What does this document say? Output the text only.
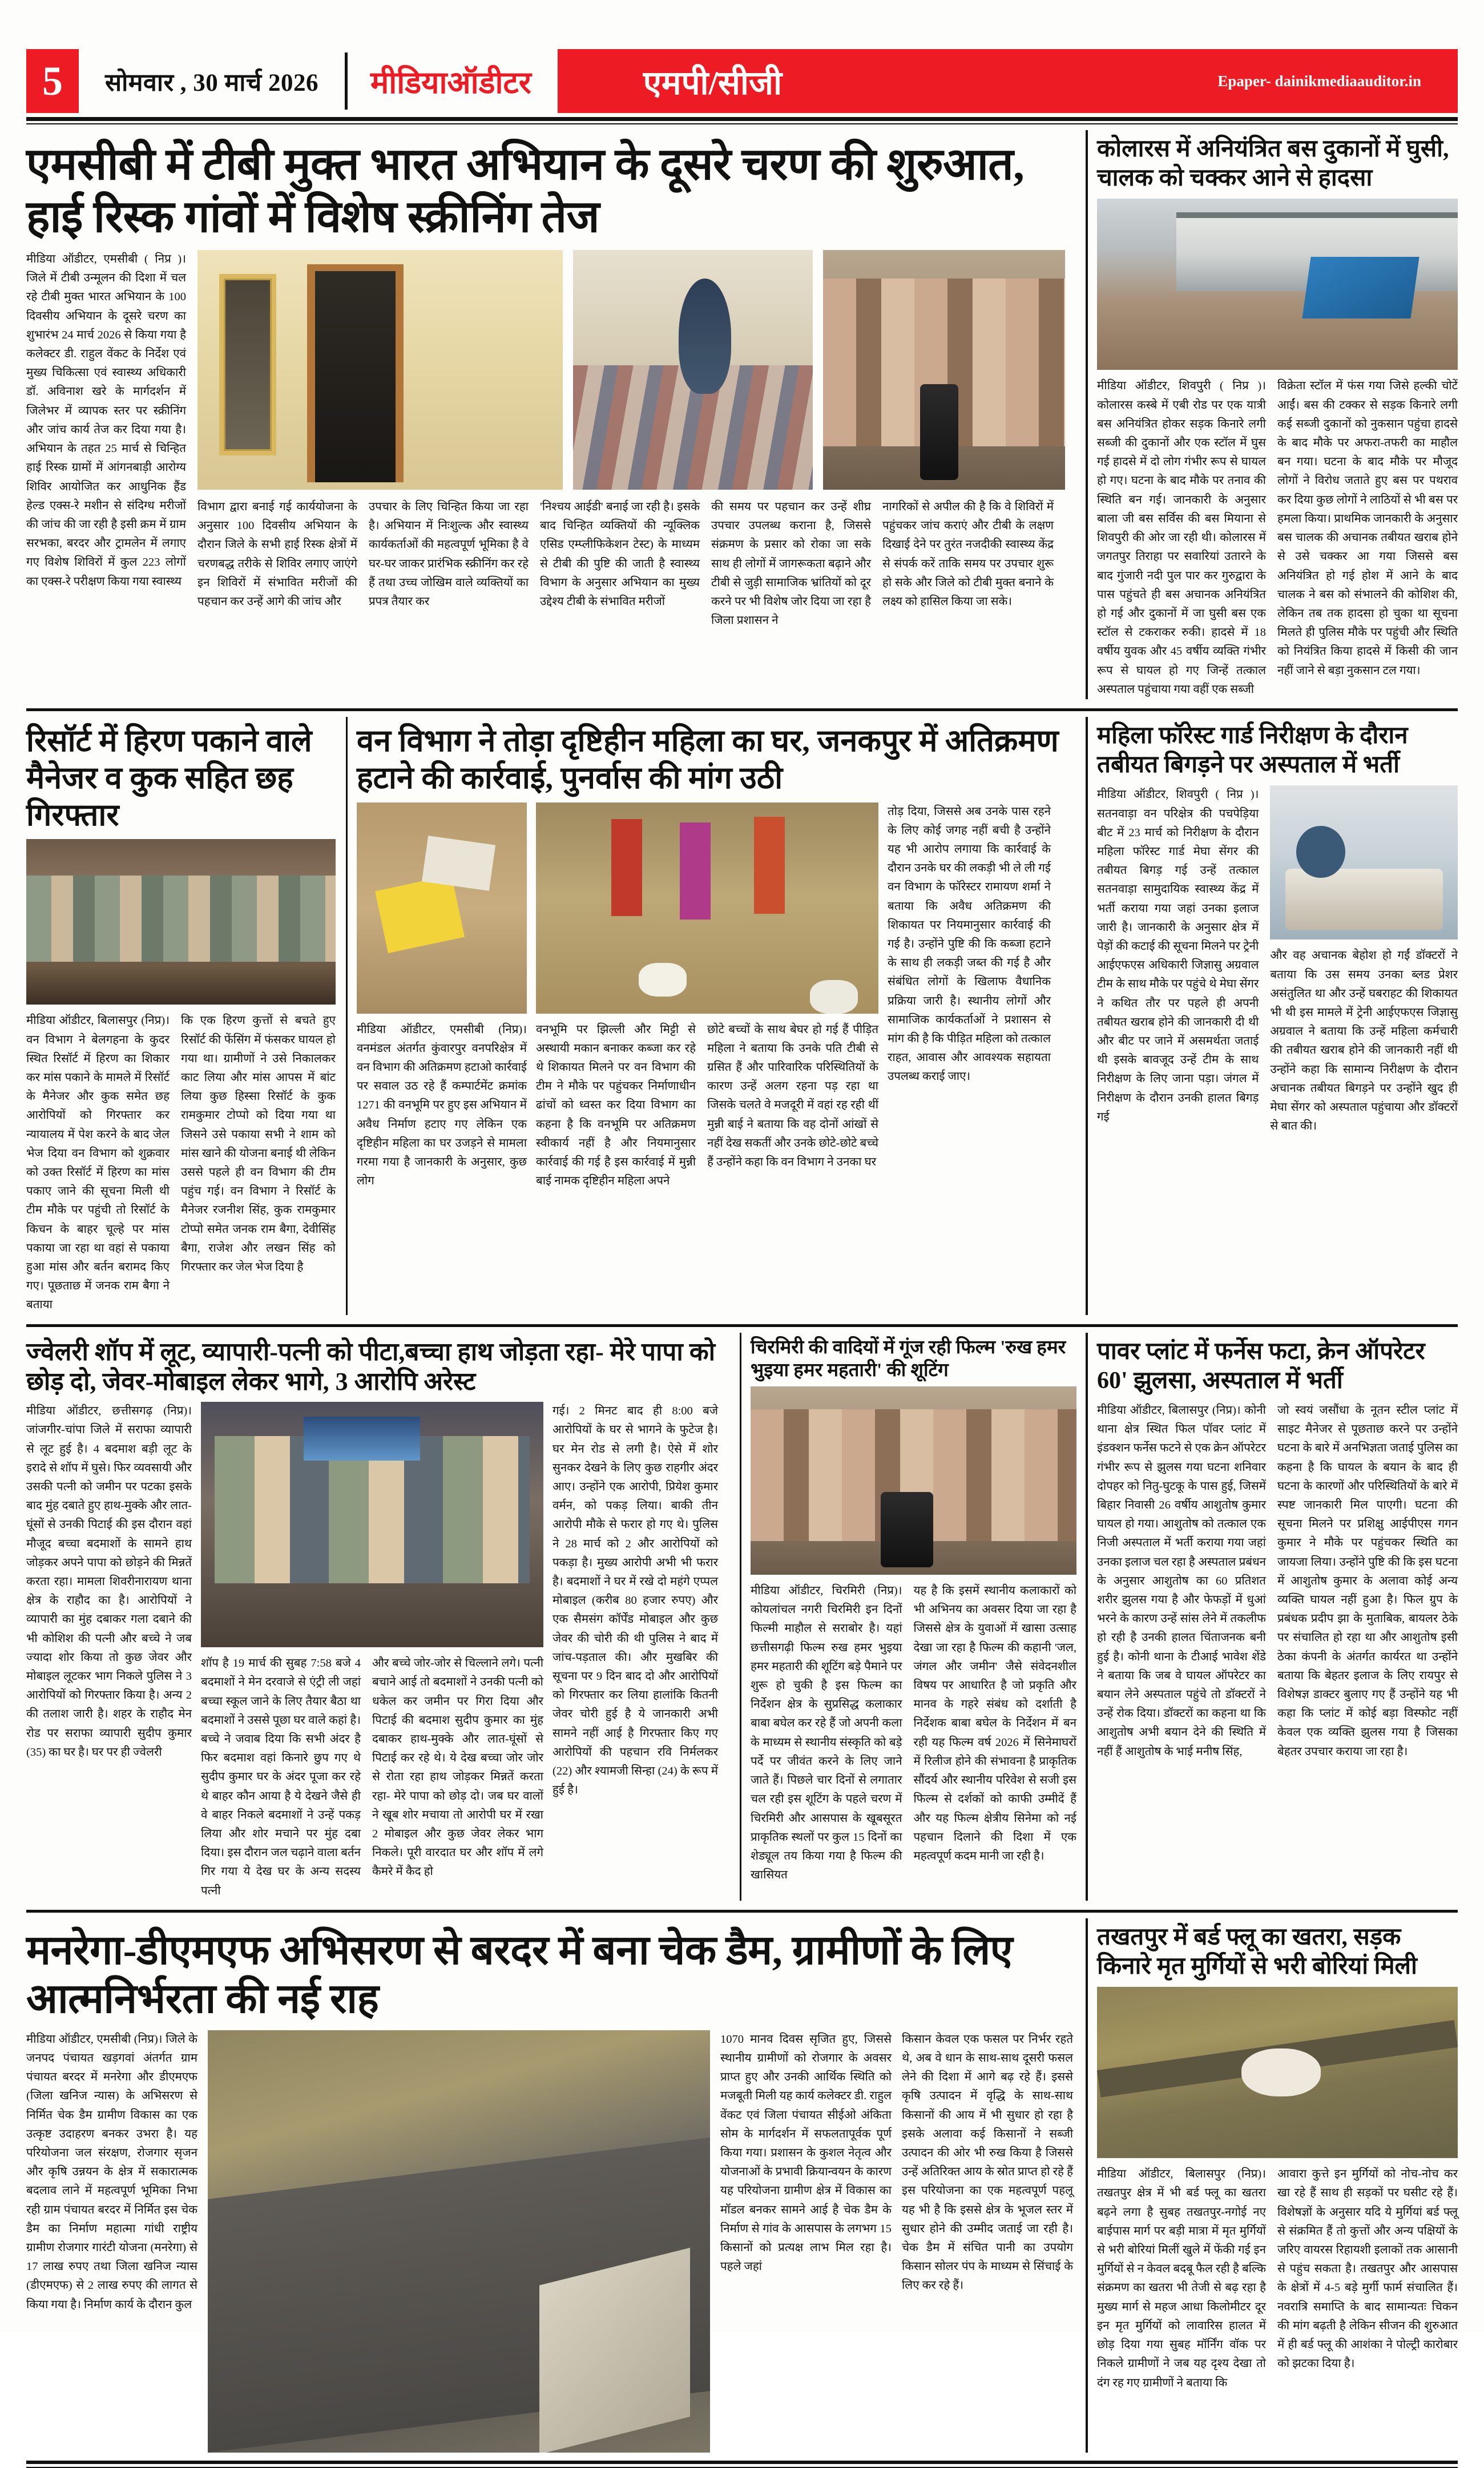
5	सोमवार , 30 मार्च 2026	मीडियाऑडीटर	एमपी/सीजी	Epaper- dainikmediaauditor.in
एमसीबी में टीबी मुक्त भारत अभियान के दूसरे चरण की शुरुआत, हाई रिस्क गांवों में विशेष स्क्रीनिंग तेज

मीडिया ऑडीटर, एमसीबी ( निप्र )। जिले में टीबी उन्मूलन की दिशा में चल रहे टीबी मुक्त भारत अभियान के 100 दिवसीय अभियान के दूसरे चरण का शुभारंभ 24 मार्च 2026 से किया गया है कलेक्टर डी. राहुल वेंकट के निर्देश एवं मुख्य चिकित्सा एवं स्वास्थ्य अधिकारी डॉ. अविनाश खरे के मार्गदर्शन में जिलेभर में व्यापक स्तर पर स्क्रीनिंग और जांच कार्य तेज कर दिया गया है। अभियान के तहत 25 मार्च से चिन्हित हाई रिस्क ग्रामों में आंगनबाड़ी आरोग्य शिविर आयोजित कर आधुनिक हैंड हेल्ड एक्स-रे मशीन से संदिग्ध मरीजों की जांच की जा रही है इसी क्रम में ग्राम सरभका, बरदर और ट्रामलेन में लगाए गए विशेष शिविरों में कुल 223 लोगों का एक्स-रे परीक्षण किया गया स्वास्थ्य

विभाग द्वारा बनाई गई कार्ययोजना के अनुसार 100 दिवसीय अभियान के दौरान जिले के सभी हाई रिस्क क्षेत्रों में चरणबद्ध तरीके से शिविर लगाए जाएंगे इन शिविरों में संभावित मरीजों की पहचान कर उन्हें आगे की जांच और

उपचार के लिए चिन्हित किया जा रहा है। अभियान में निःशुल्क और स्वास्थ्य कार्यकर्ताओं की महत्वपूर्ण भूमिका है वे घर-घर जाकर प्रारंभिक स्क्रीनिंग कर रहे हैं तथा उच्च जोखिम वाले व्यक्तियों का प्रपत्र तैयार कर

'निश्चय आईडी' बनाई जा रही है। इसके बाद चिन्हित व्यक्तियों की न्यूक्लिक एसिड एम्प्लीफिकेशन टेस्ट) के माध्यम से टीबी की पुष्टि की जाती है स्वास्थ्य विभाग के अनुसार अभियान का मुख्य उद्देश्य टीबी के संभावित मरीजों

की समय पर पहचान कर उन्हें शीघ्र उपचार उपलब्ध कराना है, जिससे संक्रमण के प्रसार को रोका जा सके साथ ही लोगों में जागरूकता बढ़ाने और टीबी से जुड़ी सामाजिक भ्रांतियों को दूर करने पर भी विशेष जोर दिया जा रहा है जिला प्रशासन ने

नागरिकों से अपील की है कि वे शिविरों में पहुंचकर जांच कराएं और टीबी के लक्षण दिखाई देने पर तुरंत नजदीकी स्वास्थ्य केंद्र से संपर्क करें ताकि समय पर उपचार शुरू हो सके और जिले को टीबी मुक्त बनाने के लक्ष्य को हासिल किया जा सके।

कोलारस में अनियंत्रित बस दुकानों में घुसी, चालक को चक्कर आने से हादसा

मीडिया ऑडीटर, शिवपुरी ( निप्र )। कोलारस कस्बे में एबी रोड पर एक यात्री बस अनियंत्रित होकर सड़क किनारे लगी सब्जी की दुकानों और एक स्टॉल में घुस गई हादसे में दो लोग गंभीर रूप से घायल हो गए। घटना के बाद मौके पर तनाव की स्थिति बन गई। जानकारी के अनुसार बाला जी बस सर्विस की बस मियाना से शिवपुरी की ओर जा रही थी। कोलारस में जगतपुर तिराहा पर सवारियां उतारने के बाद गुंजारी नदी पुल पार कर गुरुद्वारा के पास पहुंचते ही बस अचानक अनियंत्रित हो गई और दुकानों में जा घुसी बस एक स्टॉल से टकराकर रुकी। हादसे में 18 वर्षीय युवक और 45 वर्षीय व्यक्ति गंभीर रूप से घायल हो गए जिन्हें तत्काल अस्पताल पहुंचाया गया वहीं एक सब्जी

विक्रेता स्टॉल में फंस गया जिसे हल्की चोटें आईं। बस की टक्कर से सड़क किनारे लगी कई सब्जी दुकानों को नुकसान पहुंचा हादसे के बाद मौके पर अफरा-तफरी का माहौल बन गया। घटना के बाद मौके पर मौजूद लोगों ने विरोध जताते हुए बस पर पथराव कर दिया कुछ लोगों ने लाठियों से भी बस पर हमला किया। प्राथमिक जानकारी के अनुसार बस चालक की अचानक तबीयत खराब होने से उसे चक्कर आ गया जिससे बस अनियंत्रित हो गई होश में आने के बाद चालक ने बस को संभालने की कोशिश की, लेकिन तब तक हादसा हो चुका था सूचना मिलते ही पुलिस मौके पर पहुंची और स्थिति को नियंत्रित किया हादसे में किसी की जान नहीं जाने से बड़ा नुकसान टल गया।

रिसॉर्ट में हिरण पकाने वाले मैनेजर व कुक सहित छह गिरफ्तार

मीडिया ऑडीटर, बिलासपुर (निप्र)। वन विभाग ने बेलगहना के कुदर स्थित रिसॉर्ट में हिरण का शिकार कर मांस पकाने के मामले में रिसॉर्ट के मैनेजर और कुक समेत छह आरोपियों को गिरफ्तार कर न्यायालय में पेश करने के बाद जेल भेज दिया वन विभाग को शुक्रवार को उक्त रिसॉर्ट में हिरण का मांस पकाए जाने की सूचना मिली थी टीम मौके पर पहुंची तो रिसॉर्ट के किचन के बाहर चूल्हे पर मांस पकाया जा रहा था वहां से पकाया हुआ मांस और बर्तन बरामद किए गए। पूछताछ में जनक राम बैगा ने बताया

कि एक हिरण कुत्तों से बचते हुए रिसॉर्ट की फेंसिंग में फंसकर घायल हो गया था। ग्रामीणों ने उसे निकालकर काट लिया और मांस आपस में बांट लिया कुछ हिस्सा रिसॉर्ट के कुक रामकुमार टोप्पो को दिया गया था जिसने उसे पकाया सभी ने शाम को मांस खाने की योजना बनाई थी लेकिन उससे पहले ही वन विभाग की टीम पहुंच गई। वन विभाग ने रिसॉर्ट के मैनेजर रजनीश सिंह, कुक रामकुमार टोप्पो समेत जनक राम बैगा, देवीसिंह बैगा, राजेश और लखन सिंह को गिरफ्तार कर जेल भेज दिया है

वन विभाग ने तोड़ा दृष्टिहीन महिला का घर, जनकपुर में अतिक्रमण हटाने की कार्रवाई, पुनर्वास की मांग उठी

मीडिया ऑडीटर, एमसीबी (निप्र)। वनमंडल अंतर्गत कुंवारपुर वनपरिक्षेत्र में वन विभाग की अतिक्रमण हटाओ कार्रवाई पर सवाल उठ रहे हैं कम्पार्टमेंट क्रमांक 1271 की वनभूमि पर हुए इस अभियान में अवैध निर्माण हटाए गए लेकिन एक दृष्टिहीन महिला का घर उजड़ने से मामला गरमा गया है जानकारी के अनुसार, कुछ लोग

वनभूमि पर झिल्ली और मिट्टी से अस्थायी मकान बनाकर कब्जा कर रहे थे शिकायत मिलने पर वन विभाग की टीम ने मौके पर पहुंचकर निर्माणाधीन ढांचों को ध्वस्त कर दिया विभाग का कहना है कि वनभूमि पर अतिक्रमण स्वीकार्य नहीं है और नियमानुसार कार्रवाई की गई है इस कार्रवाई में मुन्नी बाई नामक दृष्टिहीन महिला अपने

छोटे बच्चों के साथ बेघर हो गई हैं पीड़ित महिला ने बताया कि उनके पति टीबी से ग्रसित हैं और पारिवारिक परिस्थितियों के कारण उन्हें अलग रहना पड़ रहा था जिसके चलते वे मजदूरी में वहां रह रही थीं मुन्नी बाई ने बताया कि वह दोनों आंखों से नहीं देख सकतीं और उनके छोटे-छोटे बच्चे हैं उन्होंने कहा कि वन विभाग ने उनका घर

तोड़ दिया, जिससे अब उनके पास रहने के लिए कोई जगह नहीं बची है उन्होंने यह भी आरोप लगाया कि कार्रवाई के दौरान उनके घर की लकड़ी भी ले ली गई वन विभाग के फॉरेस्टर रामायण शर्मा ने बताया कि अवैध अतिक्रमण की शिकायत पर नियमानुसार कार्रवाई की गई है। उन्होंने पुष्टि की कि कब्जा हटाने के साथ ही लकड़ी जब्त की गई है और संबंधित लोगों के खिलाफ वैधानिक प्रक्रिया जारी है। स्थानीय लोगों और सामाजिक कार्यकर्ताओं ने प्रशासन से मांग की है कि पीड़ित महिला को तत्काल राहत, आवास और आवश्यक सहायता उपलब्ध कराई जाए।

महिला फॉरेस्ट गार्ड निरीक्षण के दौरान तबीयत बिगड़ने पर अस्पताल में भर्ती

मीडिया ऑडीटर, शिवपुरी ( निप्र )। सतनवाड़ा वन परिक्षेत्र की पचपेड़िया बीट में 23 मार्च को निरीक्षण के दौरान महिला फॉरेस्ट गार्ड मेघा सेंगर की तबीयत बिगड़ गई उन्हें तत्काल सतनवाड़ा सामुदायिक स्वास्थ्य केंद्र में भर्ती कराया गया जहां उनका इलाज जारी है। जानकारी के अनुसार क्षेत्र में पेड़ों की कटाई की सूचना मिलने पर ट्रेनी आईएफएस अधिकारी जिज्ञासु अग्रवाल टीम के साथ मौके पर पहुंचे थे मेघा सेंगर ने कथित तौर पर पहले ही अपनी तबीयत खराब होने की जानकारी दी थी और बीट पर जाने में असमर्थता जताई थी इसके बावजूद उन्हें टीम के साथ निरीक्षण के लिए जाना पड़ा। जंगल में निरीक्षण के दौरान उनकी हालत बिगड़ गई

और वह अचानक बेहोश हो गईं डॉक्टरों ने बताया कि उस समय उनका ब्लड प्रेशर असंतुलित था और उन्हें घबराहट की शिकायत भी थी इस मामले में ट्रेनी आईएफएस जिज्ञासु अग्रवाल ने बताया कि उन्हें महिला कर्मचारी की तबीयत खराब होने की जानकारी नहीं थी उन्होंने कहा कि सामान्य निरीक्षण के दौरान अचानक तबीयत बिगड़ने पर उन्होंने खुद ही मेघा सेंगर को अस्पताल पहुंचाया और डॉक्टरों से बात की।

ज्वेलरी शॉप में लूट, व्यापारी-पत्नी को पीटा,बच्चा हाथ जोड़ता रहा- मेरे पापा को छोड़ दो, जेवर-मोबाइल लेकर भागे, 3 आरोपि अरेस्ट

मीडिया ऑडीटर, छत्तीसगढ़ (निप्र)। जांजगीर-चांपा जिले में सराफा व्यापारी से लूट हुई है। 4 बदमाश बड़ी लूट के इरादे से शॉप में घुसे। फिर व्यवसायी और उसकी पत्नी को जमीन पर पटका इसके बाद मुंह दबाते हुए हाथ-मुक्के और लात-घूंसों से उनकी पिटाई की इस दौरान वहां मौजूद बच्चा बदमाशों के सामने हाथ जोड़कर अपने पापा को छोड़ने की मिन्नतें करता रहा। मामला शिवरीनारायण थाना क्षेत्र के राहौद का है। आरोपियों ने व्यापारी का मुंह दबाकर गला दबाने की भी कोशिश की पत्नी और बच्चे ने जब ज्यादा शोर किया तो कुछ जेवर और मोबाइल लूटकर भाग निकले पुलिस ने 3 आरोपियों को गिरफ्तार किया है। अन्य 2 की तलाश जारी है। शहर के राहौद मेन रोड पर सराफा व्यापारी सुदीप कुमार (35) का घर है। घर पर ही ज्वेलरी

शॉप है 19 मार्च की सुबह 7:58 बजे 4 बदमाशों ने मेन दरवाजे से एंट्री ली जहां बच्चा स्कूल जाने के लिए तैयार बैठा था बदमाशों ने उससे पूछा घर वाले कहां है। बच्चे ने जवाब दिया कि सभी अंदर है फिर बदमाश वहां किनारे छुप गए थे सुदीप कुमार घर के अंदर पूजा कर रहे थे बाहर कौन आया है ये देखने जैसे ही वे बाहर निकले बदमाशों ने उन्हें पकड़ लिया और शोर मचाने पर मुंह दबा दिया। इस दौरान जल चढ़ाने वाला बर्तन गिर गया ये देख घर के अन्य सदस्य पत्नी

और बच्चे जोर-जोर से चिल्लाने लगे। पत्नी बचाने आई तो बदमाशों ने उनकी पत्नी को धकेल कर जमीन पर गिरा दिया और पिटाई की बदमाश सुदीप कुमार का मुंह दबाकर हाथ-मुक्के और लात-घूंसों से पिटाई कर रहे थे। ये देख बच्चा जोर जोर से रोता रहा हाथ जोड़कर मिन्नतें करता रहा- मेरे पापा को छोड़ दो। जब घर वालों ने खूब शोर मचाया तो आरोपी घर में रखा 2 मोबाइल और कुछ जेवर लेकर भाग निकले। पूरी वारदात घर और शॉप में लगे कैमरे में कैद हो

गई। 2 मिनट बाद ही 8:00 बजे आरोपियों के घर से भागने के फुटेज है। घर मेन रोड से लगी है। ऐसे में शोर सुनकर देखने के लिए कुछ राहगीर अंदर आए। उन्होंने एक आरोपी, प्रियेश कुमार वर्मन, को पकड़ लिया। बाकी तीन आरोपी मौके से फरार हो गए थे। पुलिस ने 28 मार्च को 2 और आरोपियों को पकड़ा है। मुख्य आरोपी अभी भी फरार है। बदमाशों ने घर में रखे दो महंगे एप्पल मोबाइल (करीब 80 हजार रुपए) और एक सैमसंग कॉर्पेंड मोबाइल और कुछ जेवर की चोरी की थी पुलिस ने बाद में जांच-पड़ताल की। और मुखबिर की सूचना पर 9 दिन बाद दो और आरोपियों को गिरफ्तार कर लिया हालांकि कितनी जेवर चोरी हुई है ये जानकारी अभी सामने नहीं आई है गिरफ्तार किए गए आरोपियों की पहचान रवि निर्मलकर (22) और श्यामजी सिन्हा (24) के रूप में हुई है।

चिरमिरी की वादियों में गूंज रही फिल्म 'रुख हमर भुइया हमर महतारी' की शूटिंग

मीडिया ऑडीटर, चिरमिरी (निप्र)। कोयलांचल नगरी चिरमिरी इन दिनों फिल्मी माहौल से सराबोर है। यहां छत्तीसगढ़ी फिल्म रुख हमर भुइया हमर महतारी की शूटिंग बड़े पैमाने पर शुरू हो चुकी है इस फिल्म का निर्देशन क्षेत्र के सुप्रसिद्ध कलाकार बाबा बघेल कर रहे हैं जो अपनी कला के माध्यम से स्थानीय संस्कृति को बड़े पर्दे पर जीवंत करने के लिए जाने जाते हैं। पिछले चार दिनों से लगातार चल रही इस शूटिंग के पहले चरण में चिरमिरी और आसपास के खूबसूरत प्राकृतिक स्थलों पर कुल 15 दिनों का शेड्यूल तय किया गया है फिल्म की खासियत

यह है कि इसमें स्थानीय कलाकारों को भी अभिनय का अवसर दिया जा रहा है जिससे क्षेत्र के युवाओं में खासा उत्साह देखा जा रहा है फिल्म की कहानी 'जल, जंगल और जमीन' जैसे संवेदनशील विषय पर आधारित है जो प्रकृति और मानव के गहरे संबंध को दर्शाती है निर्देशक बाबा बघेल के निर्देशन में बन रही यह फिल्म वर्ष 2026 में सिनेमाघरों में रिलीज होने की संभावना है प्राकृतिक सौंदर्य और स्थानीय परिवेश से सजी इस फिल्म से दर्शकों को काफी उम्मीदें हैं और यह फिल्म क्षेत्रीय सिनेमा को नई पहचान दिलाने की दिशा में एक महत्वपूर्ण कदम मानी जा रही है।

पावर प्लांट में फर्नेस फटा, क्रेन ऑपरेटर 60' झुलसा, अस्पताल में भर्ती

मीडिया ऑडीटर, बिलासपुर (निप्र)। कोनी थाना क्षेत्र स्थित फिल पॉवर प्लांट में इंडक्शन फर्नेस फटने से एक क्रेन ऑपरेटर गंभीर रूप से झुलस गया घटना शनिवार दोपहर को नितु-घुटकू के पास हुई, जिसमें बिहार निवासी 26 वर्षीय आशुतोष कुमार घायल हो गया। आशुतोष को तत्काल एक निजी अस्पताल में भर्ती कराया गया जहां उनका इलाज चल रहा है अस्पताल प्रबंधन के अनुसार आशुतोष का 60 प्रतिशत शरीर झुलस गया है और फेफड़ों में धुआं भरने के कारण उन्हें सांस लेने में तकलीफ हो रही है उनकी हालत चिंताजनक बनी हुई है। कोनी थाना के टीआई भावेश शेंडे ने बताया कि जब वे घायल ऑपरेटर का बयान लेने अस्पताल पहुंचे तो डॉक्टरों ने उन्हें रोक दिया। डॉक्टरों का कहना था कि आशुतोष अभी बयान देने की स्थिति में नहीं हैं आशुतोष के भाई मनीष सिंह,

जो स्वयं जसौंधा के नूतन स्टील प्लांट में साइट मैनेजर से पूछताछ करने पर उन्होंने घटना के बारे में अनभिज्ञता जताई पुलिस का कहना है कि घायल के बयान के बाद ही घटना के कारणों और परिस्थितियों के बारे में स्पष्ट जानकारी मिल पाएगी। घटना की सूचना मिलने पर प्रशिक्षु आईपीएस गगन कुमार ने मौके पर पहुंचकर स्थिति का जायजा लिया। उन्होंने पुष्टि की कि इस घटना में आशुतोष कुमार के अलावा कोई अन्य व्यक्ति घायल नहीं हुआ है। फिल ग्रुप के प्रबंधक प्रदीप झा के मुताबिक, बायलर ठेके पर संचालित हो रहा था और आशुतोष इसी ठेका कंपनी के अंतर्गत कार्यरत था उन्होंने बताया कि बेहतर इलाज के लिए रायपुर से विशेषज्ञ डाक्टर बुलाए गए हैं उन्होंने यह भी कहा कि प्लांट में कोई बड़ा विस्फोट नहीं केवल एक व्यक्ति झुलस गया है जिसका बेहतर उपचार कराया जा रहा है।

मनरेगा-डीएमएफ अभिसरण से बरदर में बना चेक डैम, ग्रामीणों के लिए आत्मनिर्भरता की नई राह

मीडिया ऑडीटर, एमसीबी (निप्र)। जिले के जनपद पंचायत खड़गवां अंतर्गत ग्राम पंचायत बरदर में मनरेगा और डीएमएफ (जिला खनिज न्यास) के अभिसरण से निर्मित चेक डैम ग्रामीण विकास का एक उत्कृष्ट उदाहरण बनकर उभरा है। यह परियोजना जल संरक्षण, रोजगार सृजन और कृषि उन्नयन के क्षेत्र में सकारात्मक बदलाव लाने में महत्वपूर्ण भूमिका निभा रही ग्राम पंचायत बरदर में निर्मित इस चेक डैम का निर्माण महात्मा गांधी राष्ट्रीय ग्रामीण रोजगार गारंटी योजना (मनरेगा) से 17 लाख रुपए तथा जिला खनिज न्यास (डीएमएफ) से 2 लाख रुपए की लागत से किया गया है। निर्माण कार्य के दौरान कुल

1070 मानव दिवस सृजित हुए, जिससे स्थानीय ग्रामीणों को रोजगार के अवसर प्राप्त हुए और उनकी आर्थिक स्थिति को मजबूती मिली यह कार्य कलेक्टर डी. राहुल वेंकट एवं जिला पंचायत सीईओ अंकिता सोम के मार्गदर्शन में सफलतापूर्वक पूर्ण किया गया। प्रशासन के कुशल नेतृत्व और योजनाओं के प्रभावी क्रियान्वयन के कारण यह परियोजना ग्रामीण क्षेत्र में विकास का मॉडल बनकर सामने आई है चेक डैम के निर्माण से गांव के आसपास के लगभग 15 किसानों को प्रत्यक्ष लाभ मिल रहा है। पहले जहां

किसान केवल एक फसल पर निर्भर रहते थे, अब वे धान के साथ-साथ दूसरी फसल लेने की दिशा में आगे बढ़ रहे हैं। इससे कृषि उत्पादन में वृद्धि के साथ-साथ किसानों की आय में भी सुधार हो रहा है इसके अलावा कई किसानों ने सब्जी उत्पादन की ओर भी रुख किया है जिससे उन्हें अतिरिक्त आय के स्रोत प्राप्त हो रहे हैं इस परियोजना का एक महत्वपूर्ण पहलू यह भी है कि इससे क्षेत्र के भूजल स्तर में सुधार होने की उम्मीद जताई जा रही है। चेक डैम में संचित पानी का उपयोग किसान सोलर पंप के माध्यम से सिंचाई के लिए कर रहे हैं।

तखतपुर में बर्ड फ्लू का खतरा, सड़क किनारे मृत मुर्गियों से भरी बोरियां मिली

मीडिया ऑडीटर, बिलासपुर (निप्र)। तखतपुर क्षेत्र में भी बर्ड फ्लू का खतरा बढ़ने लगा है सुबह तखतपुर-नगोई नए बाईपास मार्ग पर बड़ी मात्रा में मृत मुर्गियों से भरी बोरियां मिलीं खुले में फेंकी गई इन मुर्गियों से न केवल बदबू फैल रही है बल्कि संक्रमण का खतरा भी तेजी से बढ़ रहा है मुख्य मार्ग से महज आधा किलोमीटर दूर इन मृत मुर्गियों को लावारिस हालत में छोड़ दिया गया सुबह मॉर्निंग वॉक पर निकले ग्रामीणों ने जब यह दृश्य देखा तो दंग रह गए ग्रामीणों ने बताया कि

आवारा कुत्ते इन मुर्गियों को नोच-नोच कर खा रहे हैं साथ ही सड़कों पर घसीट रहे हैं। विशेषज्ञों के अनुसार यदि ये मुर्गियां बर्ड फ्लू से संक्रमित हैं तो कुत्तों और अन्य पक्षियों के जरिए वायरस रिहायशी इलाकों तक आसानी से पहुंच सकता है। तखतपुर और आसपास के क्षेत्रों में 4-5 बड़े मुर्गी फार्म संचालित हैं। नवरात्रि समाप्ति के बाद सामान्यतः चिकन की मांग बढ़ती है लेकिन सीजन की शुरुआत में ही बर्ड फ्लू की आशंका ने पोल्ट्री कारोबार को झटका दिया है।
